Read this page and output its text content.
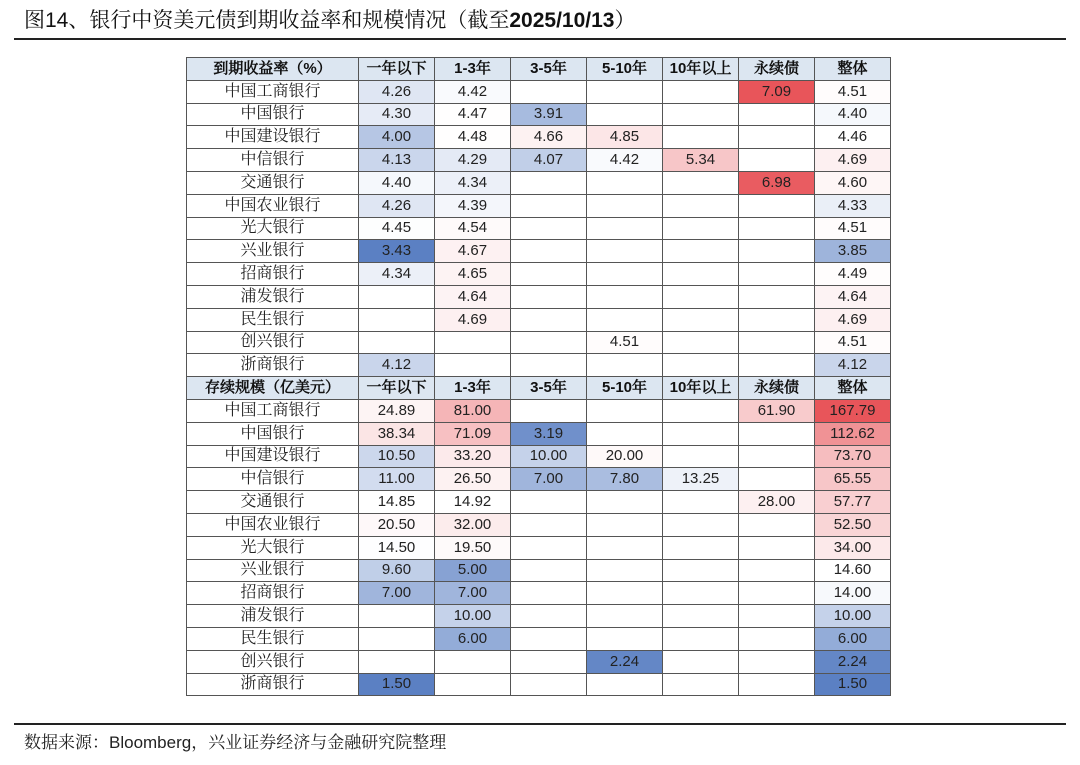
图14、银行中资美元债到期收益率和规模情况（截至 2025/10/13 ）
到期收益率（%）	一年以下	1-3年	3-5年	5-10年	10年以上	永续债	整体
中国工商银行	4.26	4.42				7.09	4.51
中国银行	4.30	4.47	3.91				4.40
中国建设银行	4.00	4.48	4.66	4.85			4.46
中信银行	4.13	4.29	4.07	4.42	5.34		4.69
交通银行	4.40	4.34				6.98	4.60
中国农业银行	4.26	4.39					4.33
光大银行	4.45	4.54					4.51
兴业银行	3.43	4.67					3.85
招商银行	4.34	4.65					4.49
浦发银行		4.64					4.64
民生银行		4.69					4.69
创兴银行				4.51			4.51
浙商银行	4.12						4.12
存续规模（亿美元）	一年以下	1-3年	3-5年	5-10年	10年以上	永续债	整体
中国工商银行	24.89	81.00				61.90	167.79
中国银行	38.34	71.09	3.19				112.62
中国建设银行	10.50	33.20	10.00	20.00			73.70
中信银行	11.00	26.50	7.00	7.80	13.25		65.55
交通银行	14.85	14.92				28.00	57.77
中国农业银行	20.50	32.00					52.50
光大银行	14.50	19.50					34.00
兴业银行	9.60	5.00					14.60
招商银行	7.00	7.00					14.00
浦发银行		10.00					10.00
民生银行		6.00					6.00
创兴银行				2.24			2.24
浙商银行	1.50						1.50
数据来源：Bloomberg，兴业证券经济与金融研究院整理
